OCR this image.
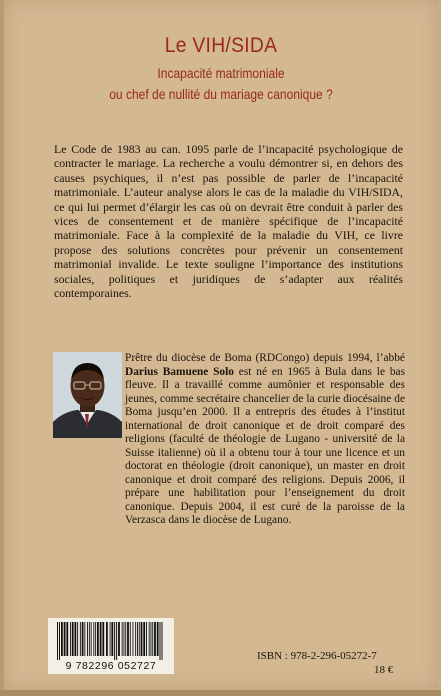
Le VIH/SIDA
Incapacité matrimoniale
ou chef de nullité du mariage canonique ?

Le Code de 1983 au can. 1095 parle de l’incapacité psychologique de contracter le mariage. La recherche a voulu démontrer si, en dehors des causes psychiques, il n’est pas possible de parler de l’incapacité matrimoniale. L’auteur analyse alors le cas de la maladie du VIH/SIDA, ce qui lui permet d’élargir les cas où on devrait être conduit à parler des vices de consentement et de manière spécifique de l’incapacité matrimoniale. Face à la complexité de la maladie du VIH, ce livre propose des solutions concrètes pour prévenir un consentement matrimonial invalide. Le texte souligne l’importance des institutions sociales, politiques et juridiques de s’adapter aux réalités contemporaines.

Prêtre du diocèse de Boma (RDCongo) depuis 1994, l’abbé Darius Bamuene Solo est né en 1965 à Bula dans le bas fleuve. Il a travaillé comme aumônier et responsable des jeunes, comme secrétaire chancelier de la curie diocésaine de Boma jusqu’en 2000. Il a entrepris des études à l’institut international de droit canonique et de droit comparé des religions (faculté de théologie de Lugano - université de la Suisse italienne) où il a obtenu tour à tour une licence et un doctorat en théologie (droit canonique), un master en droit canonique et droit comparé des religions. Depuis 2006, il prépare une habilitation pour l’enseignement du droit canonique. Depuis 2004, il est curé de la paroisse de la Verzasca dans le diocèse de Lugano.

9 782296 052727
ISBN : 978-2-296-05272-7
18 €
